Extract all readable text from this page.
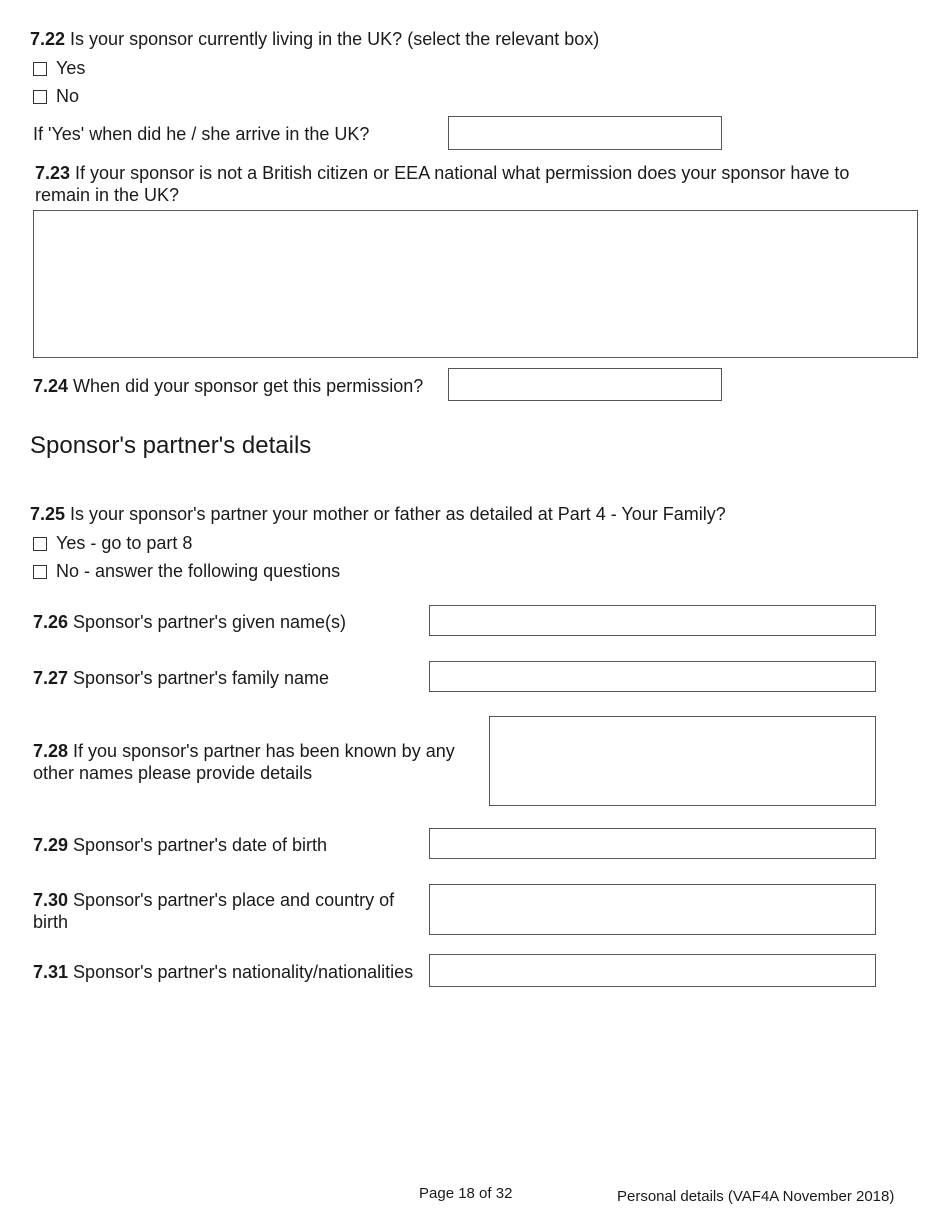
7.22 Is your sponsor currently living in the UK? (select the relevant box)
Yes
No
If 'Yes' when did he / she arrive in the UK?
7.23 If your sponsor is not a British citizen or EEA national what permission does your sponsor have to remain in the UK?
7.24 When did your sponsor get this permission?
Sponsor's partner's details
7.25 Is your sponsor's partner your mother or father as detailed at Part 4 - Your Family?
Yes - go to part 8
No - answer the following questions
7.26 Sponsor's partner's given name(s)
7.27 Sponsor's partner's family name
7.28 If you sponsor's partner has been known by any other names please provide details
7.29 Sponsor's partner's date of birth
7.30 Sponsor's partner's place and country of birth
7.31 Sponsor's partner's nationality/nationalities
Page 18 of 32	Personal details (VAF4A November 2018)
